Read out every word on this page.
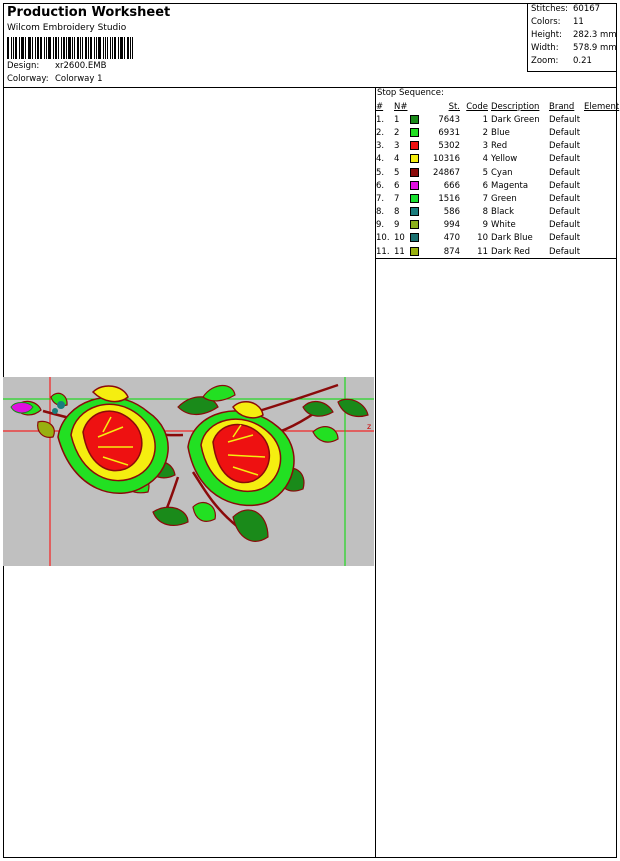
Production Worksheet
Wilcom Embroidery Studio
Design: xr2600.EMB
Colorway: Colorway 1
Stitches: 60167
Colors: 11
Height: 282.3 mm
Width: 578.9 mm
Zoom: 0.21
Stop Sequence:
#	N#		St.	Code	Description	Brand	Element
1.	1		7643	1	Dark Green	Default	
2.	2		6931	2	Blue	Default	
3.	3		5302	3	Red	Default	
4.	4		10316	4	Yellow	Default	
5.	5		24867	5	Cyan	Default	
6.	6		666	6	Magenta	Default	
7.	7		1516	7	Green	Default	
8.	8		586	8	Black	Default	
9.	9		994	9	White	Default	
10.	10		470	10	Dark Blue	Default	
11.	11		874	11	Dark Red	Default	
z
